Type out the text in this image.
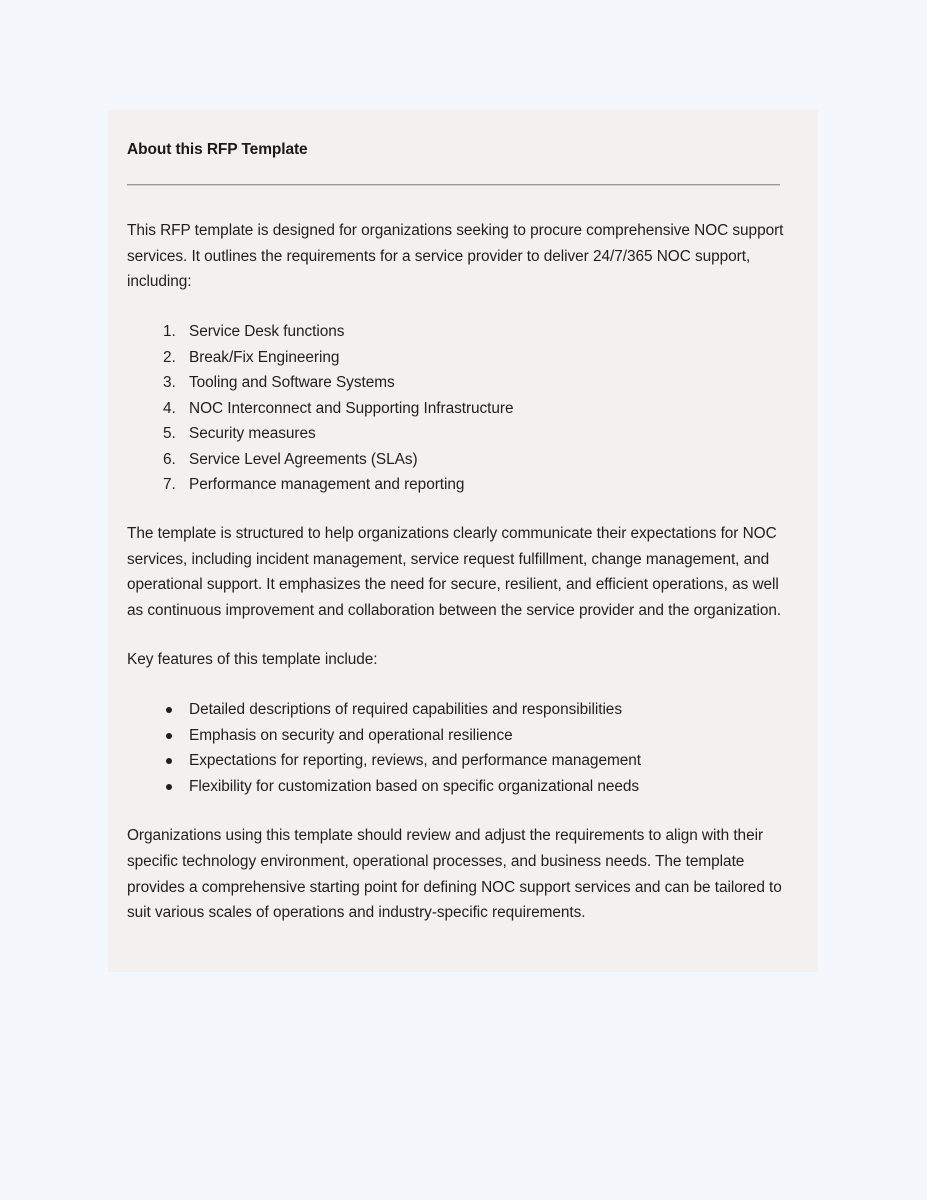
About this RFP Template

This RFP template is designed for organizations seeking to procure comprehensive NOC support services. It outlines the requirements for a service provider to deliver 24/7/365 NOC support, including:

Service Desk functions
Break/Fix Engineering
Tooling and Software Systems
NOC Interconnect and Supporting Infrastructure
Security measures
Service Level Agreements (SLAs)
Performance management and reporting

The template is structured to help organizations clearly communicate their expectations for NOC services, including incident management, service request fulfillment, change management, and operational support. It emphasizes the need for secure, resilient, and efficient operations, as well as continuous improvement and collaboration between the service provider and the organization.

Key features of this template include:

Detailed descriptions of required capabilities and responsibilities
Emphasis on security and operational resilience
Expectations for reporting, reviews, and performance management
Flexibility for customization based on specific organizational needs

Organizations using this template should review and adjust the requirements to align with their specific technology environment, operational processes, and business needs. The template provides a comprehensive starting point for defining NOC support services and can be tailored to suit various scales of operations and industry-specific requirements.
